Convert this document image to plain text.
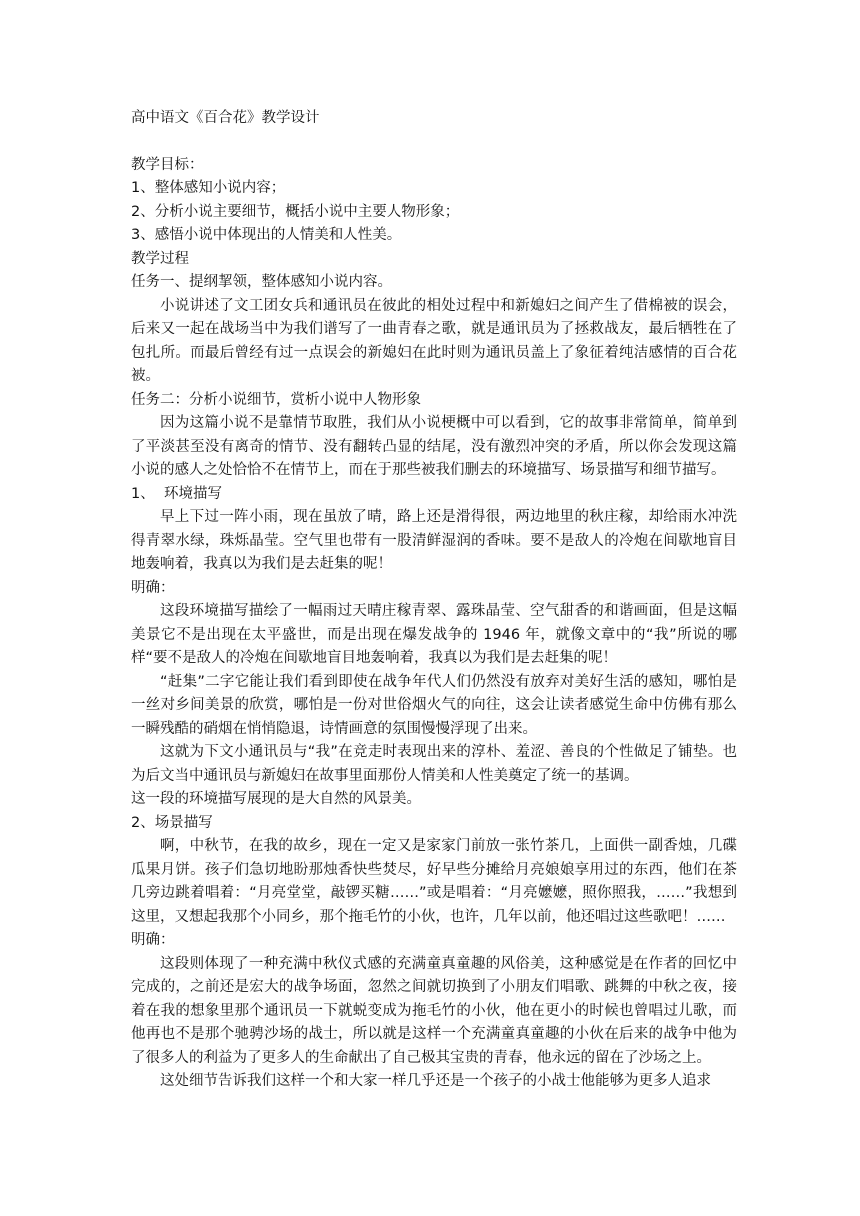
高中语文《百合花》教学设计
教学目标：
1、整体感知小说内容；
2、分析小说主要细节，概括小说中主要人物形象；
3、感悟小说中体现出的人情美和人性美。
教学过程
任务一、提纲挈领，整体感知小说内容。
小说讲述了文工团女兵和通讯员在彼此的相处过程中和新媳妇之间产生了借棉被的误会，后来又一起在战场当中为我们谱写了一曲青春之歌，就是通讯员为了拯救战友，最后牺牲在了包扎所。而最后曾经有过一点误会的新媳妇在此时则为通讯员盖上了象征着纯洁感情的百合花被。
任务二：分析小说细节，赏析小说中人物形象
因为这篇小说不是靠情节取胜，我们从小说梗概中可以看到，它的故事非常简单，简单到了平淡甚至没有离奇的情节、没有翻转凸显的结尾，没有激烈冲突的矛盾，所以你会发现这篇小说的感人之处恰恰不在情节上，而在于那些被我们删去的环境描写、场景描写和细节描写。
1、  环境描写
早上下过一阵小雨，现在虽放了晴，路上还是滑得很，两边地里的秋庄稼，却给雨水冲洗得青翠水绿，珠烁晶莹。空气里也带有一股清鲜湿润的香味。要不是敌人的冷炮在间歇地盲目地轰响着，我真以为我们是去赶集的呢！
明确：
这段环境描写描绘了一幅雨过天晴庄稼青翠、露珠晶莹、空气甜香的和谐画面，但是这幅美景它不是出现在太平盛世，而是出现在爆发战争的 1946 年，就像文章中的“我”所说的哪样“要不是敌人的冷炮在间歇地盲目地轰响着，我真以为我们是去赶集的呢！
“赶集”二字它能让我们看到即使在战争年代人们仍然没有放弃对美好生活的感知，哪怕是一丝对乡间美景的欣赏，哪怕是一份对世俗烟火气的向往，这会让读者感觉生命中仿佛有那么一瞬残酷的硝烟在悄悄隐退，诗情画意的氛围慢慢浮现了出来。
这就为下文小通讯员与“我”在竞走时表现出来的淳朴、羞涩、善良的个性做足了铺垫。也为后文当中通讯员与新媳妇在故事里面那份人情美和人性美奠定了统一的基调。
这一段的环境描写展现的是大自然的风景美。
2、场景描写
啊，中秋节，在我的故乡，现在一定又是家家门前放一张竹茶几，上面供一副香烛，几碟瓜果月饼。孩子们急切地盼那烛香快些焚尽，好早些分摊给月亮娘娘享用过的东西，他们在茶几旁边跳着唱着：“月亮堂堂，敲锣买糖……”或是唱着：“月亮嬷嬷，照你照我，……”我想到这里，又想起我那个小同乡，那个拖毛竹的小伙，也许，几年以前，他还唱过这些歌吧！……
明确：
这段则体现了一种充满中秋仪式感的充满童真童趣的风俗美，这种感觉是在作者的回忆中完成的，之前还是宏大的战争场面，忽然之间就切换到了小朋友们唱歌、跳舞的中秋之夜，接着在我的想象里那个通讯员一下就蜕变成为拖毛竹的小伙，他在更小的时候也曾唱过儿歌，而他再也不是那个驰骋沙场的战士，所以就是这样一个充满童真童趣的小伙在后来的战争中他为了很多人的利益为了更多人的生命献出了自己极其宝贵的青春，他永远的留在了沙场之上。
这处细节告诉我们这样一个和大家一样几乎还是一个孩子的小战士他能够为更多人追求
